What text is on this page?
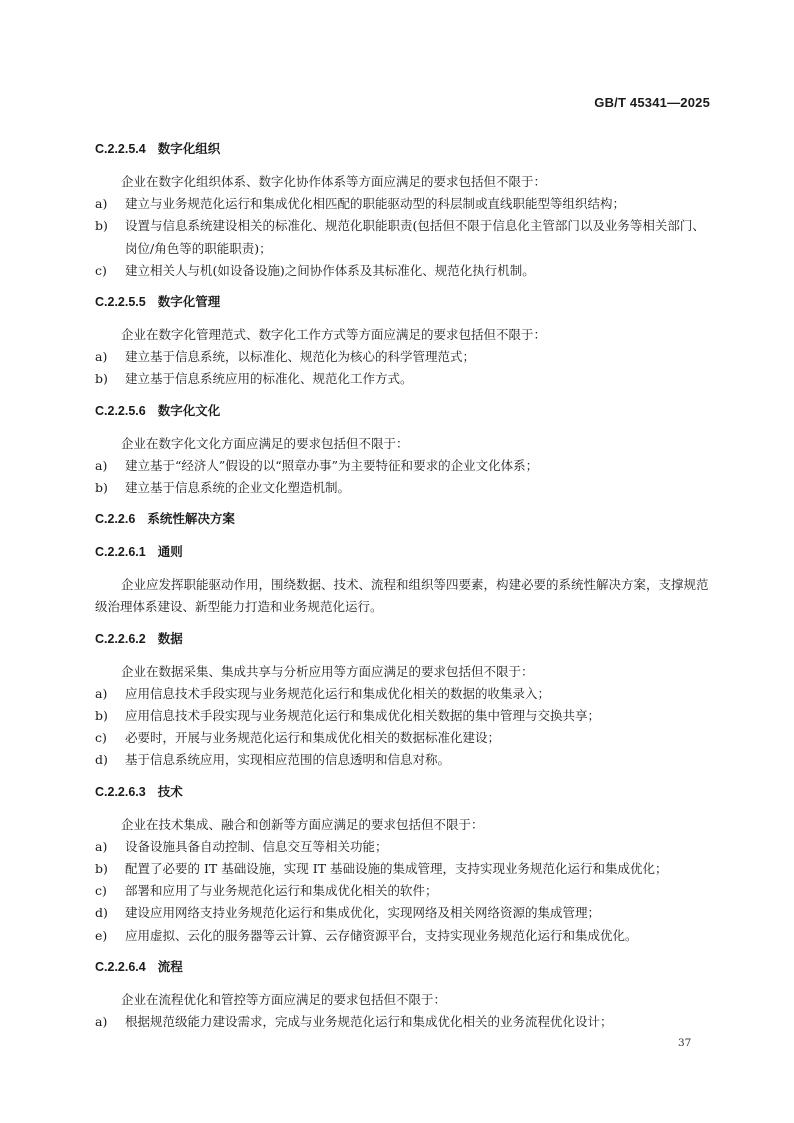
GB/T 45341—2025
C.2.2.5.4 数字化组织
企业在数字化组织体系、数字化协作体系等方面应满足的要求包括但不限于：
a) 建立与业务规范化运行和集成优化相匹配的职能驱动型的科层制或直线职能型等组织结构；
b) 设置与信息系统建设相关的标准化、规范化职能职责(包括但不限于信息化主管部门以及业务等相关部门、岗位/角色等的职能职责)；
c) 建立相关人与机(如设备设施)之间协作体系及其标准化、规范化执行机制。
C.2.2.5.5 数字化管理
企业在数字化管理范式、数字化工作方式等方面应满足的要求包括但不限于：
a) 建立基于信息系统，以标准化、规范化为核心的科学管理范式；
b) 建立基于信息系统应用的标准化、规范化工作方式。
C.2.2.5.6 数字化文化
企业在数字化文化方面应满足的要求包括但不限于：
a) 建立基于“经济人”假设的以“照章办事”为主要特征和要求的企业文化体系；
b) 建立基于信息系统的企业文化塑造机制。
C.2.2.6 系统性解决方案
C.2.2.6.1 通则
企业应发挥职能驱动作用，围绕数据、技术、流程和组织等四要素，构建必要的系统性解决方案，支撑规范级治理体系建设、新型能力打造和业务规范化运行。
C.2.2.6.2 数据
企业在数据采集、集成共享与分析应用等方面应满足的要求包括但不限于：
a) 应用信息技术手段实现与业务规范化运行和集成优化相关的数据的收集录入；
b) 应用信息技术手段实现与业务规范化运行和集成优化相关数据的集中管理与交换共享；
c) 必要时，开展与业务规范化运行和集成优化相关的数据标准化建设；
d) 基于信息系统应用，实现相应范围的信息透明和信息对称。
C.2.2.6.3 技术
企业在技术集成、融合和创新等方面应满足的要求包括但不限于：
a) 设备设施具备自动控制、信息交互等相关功能；
b) 配置了必要的 IT 基础设施，实现 IT 基础设施的集成管理，支持实现业务规范化运行和集成优化；
c) 部署和应用了与业务规范化运行和集成优化相关的软件；
d) 建设应用网络支持业务规范化运行和集成优化，实现网络及相关网络资源的集成管理；
e) 应用虚拟、云化的服务器等云计算、云存储资源平台，支持实现业务规范化运行和集成优化。
C.2.2.6.4 流程
企业在流程优化和管控等方面应满足的要求包括但不限于：
a) 根据规范级能力建设需求，完成与业务规范化运行和集成优化相关的业务流程优化设计；
37
